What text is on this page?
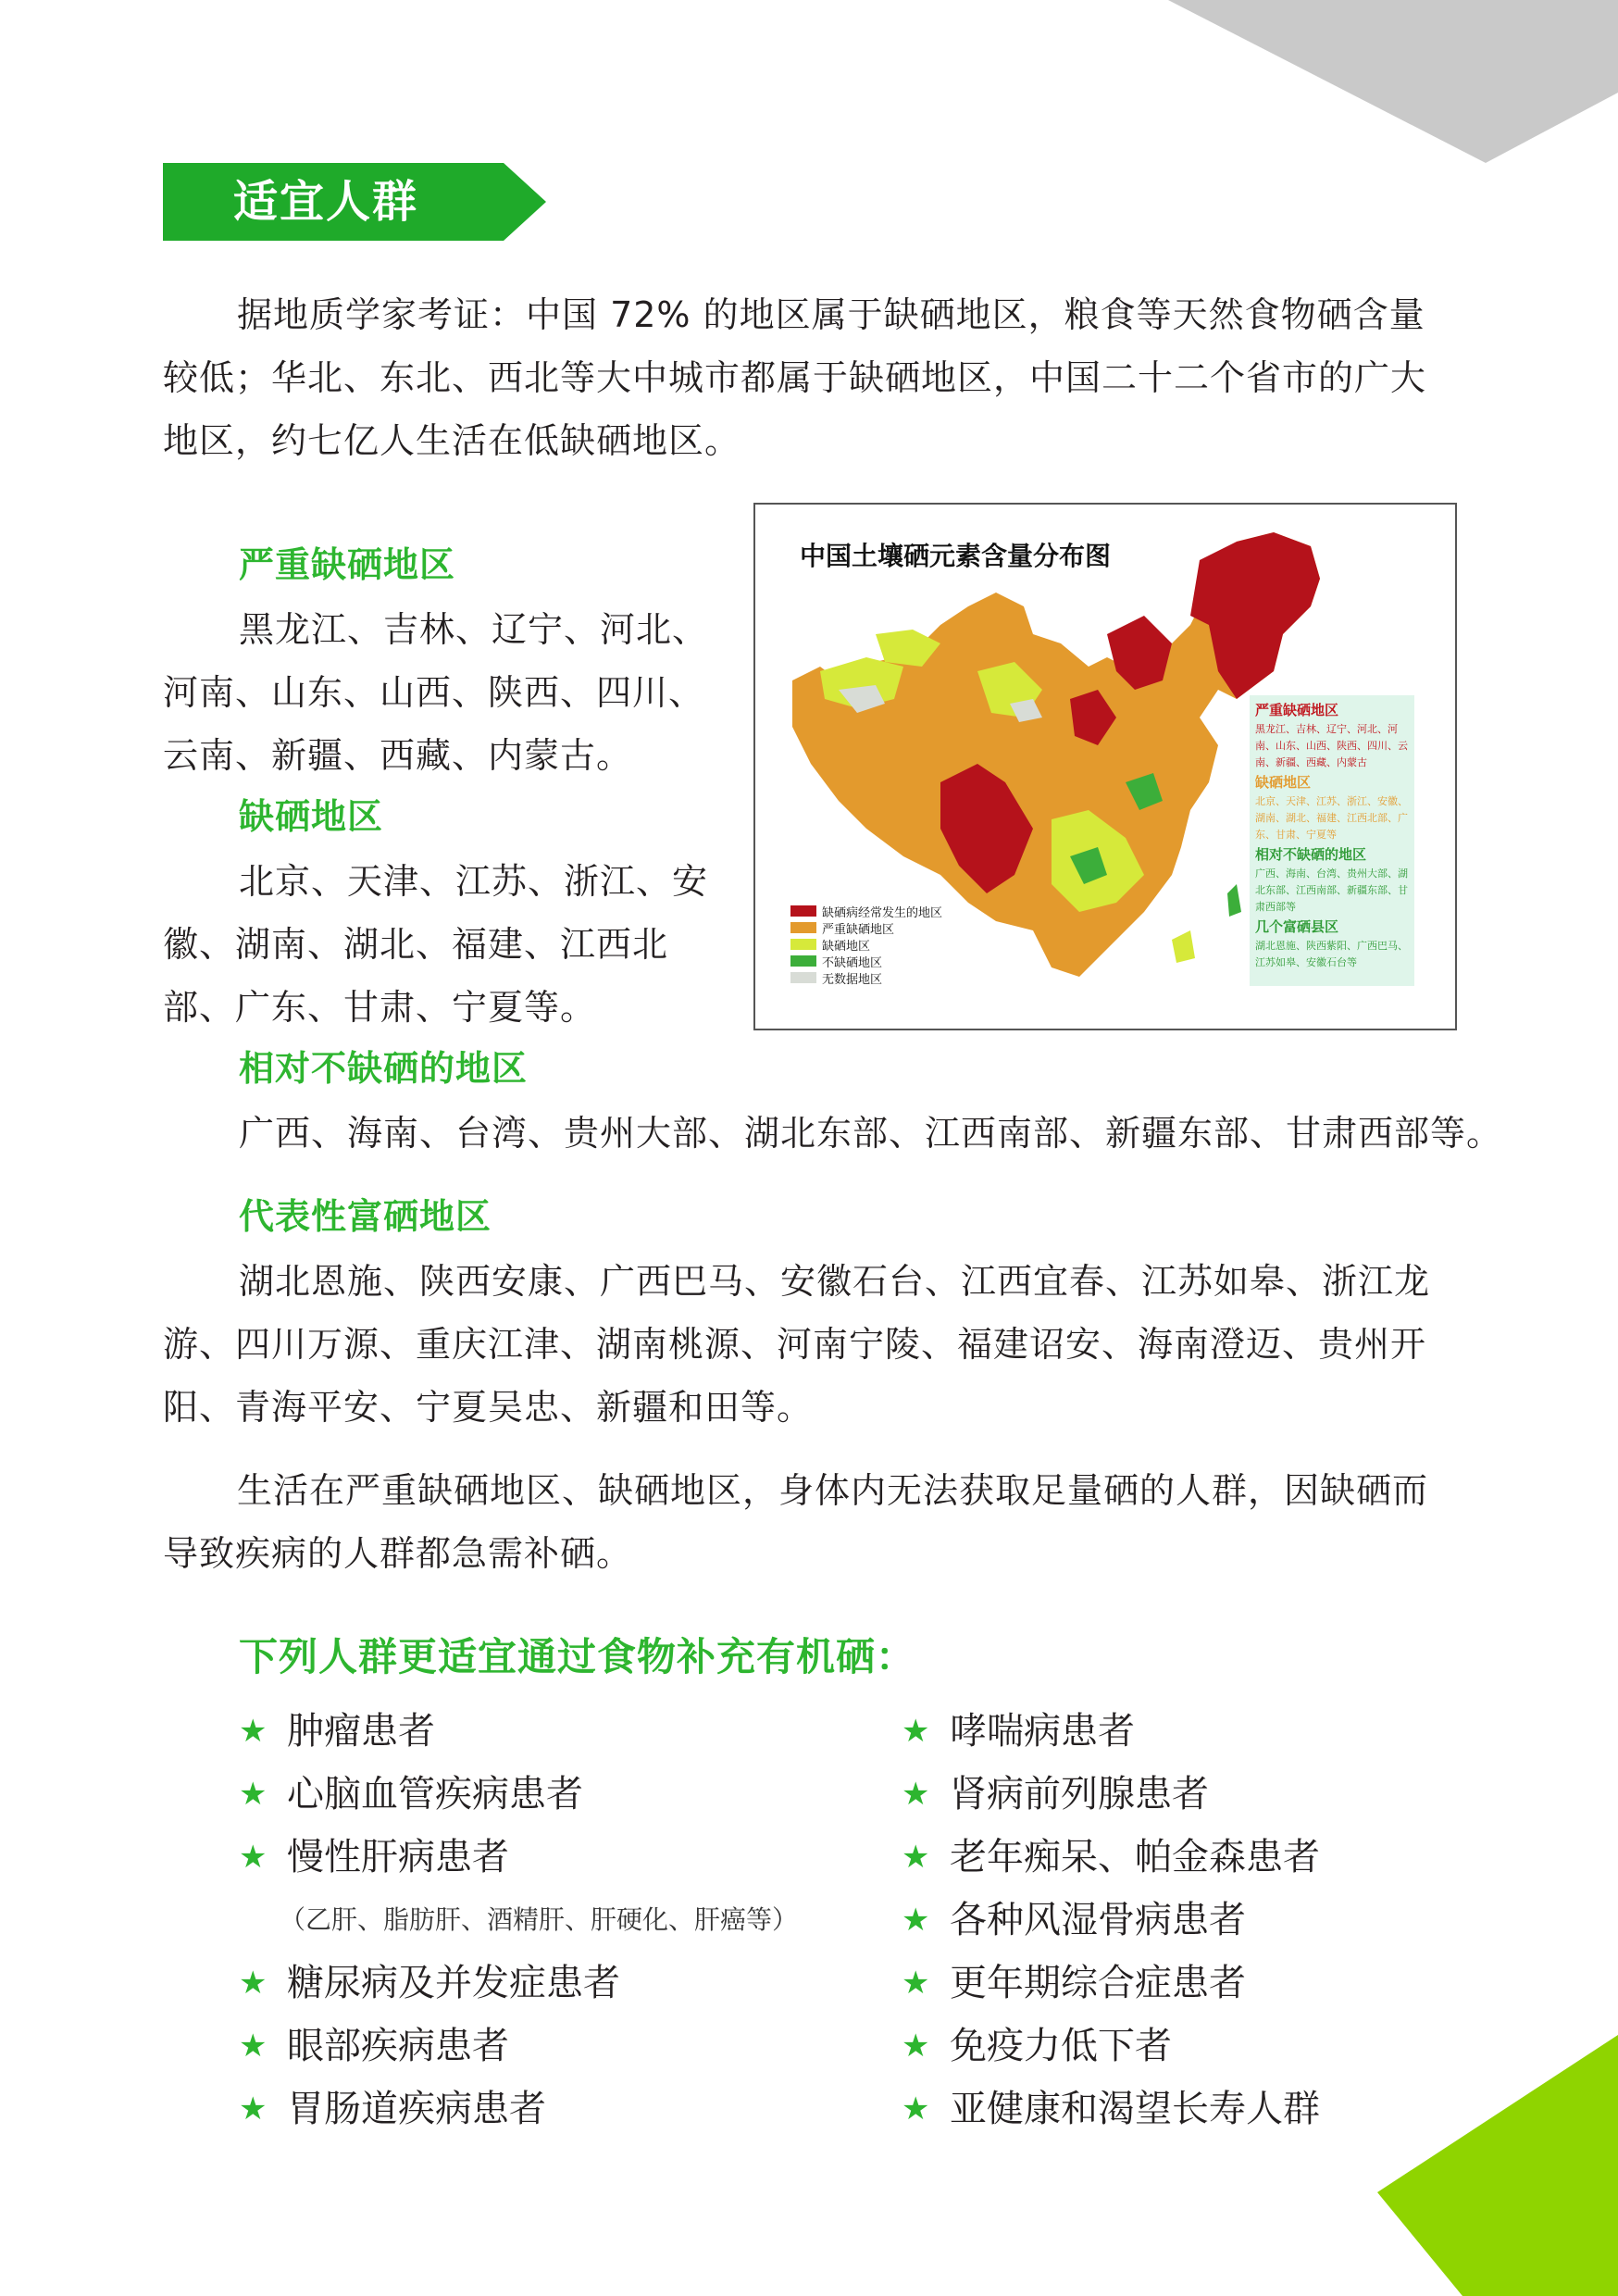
适宜人群
据地质学家考证：中国 72% 的地区属于缺硒地区，粮食等天然食物硒含量较低；华北、东北、西北等大中城市都属于缺硒地区，中国二十二个省市的广大地区，约七亿人生活在低缺硒地区。
严重缺硒地区
黑龙江、吉林、辽宁、河北、河南、山东、山西、陕西、四川、云南、新疆、西藏、内蒙古。
缺硒地区
北京、天津、江苏、浙江、安徽、湖南、湖北、福建、江西北部、广东、甘肃、宁夏等。
中国土壤硒元素含量分布图
缺硒病经常发生的地区
严重缺硒地区
缺硒地区
不缺硒地区
无数据地区
严重缺硒地区
黑龙江、吉林、辽宁、河北、河南、山东、山西、陕西、四川、云南、新疆、西藏、内蒙古
缺硒地区
北京、天津、江苏、浙江、安徽、湖南、湖北、福建、江西北部、广东、甘肃、宁夏等
相对不缺硒的地区
广西、海南、台湾、贵州大部、湖北东部、江西南部、新疆东部、甘肃西部等
几个富硒县区
湖北恩施、陕西紫阳、广西巴马、江苏如皋、安徽石台等
相对不缺硒的地区
广西、海南、台湾、贵州大部、湖北东部、江西南部、新疆东部、甘肃西部等。
代表性富硒地区
湖北恩施、陕西安康、广西巴马、安徽石台、江西宜春、江苏如皋、浙江龙游、四川万源、重庆江津、湖南桃源、河南宁陵、福建诏安、海南澄迈、贵州开阳、青海平安、宁夏吴忠、新疆和田等。
生活在严重缺硒地区、缺硒地区，身体内无法获取足量硒的人群，因缺硒而导致疾病的人群都急需补硒。
下列人群更适宜通过食物补充有机硒：
★ 肿瘤患者
★ 心脑血管疾病患者
★ 慢性肝病患者
（乙肝、脂肪肝、酒精肝、肝硬化、肝癌等）
★ 糖尿病及并发症患者
★ 眼部疾病患者
★ 胃肠道疾病患者
★ 哮喘病患者
★ 肾病前列腺患者
★ 老年痴呆、帕金森患者
★ 各种风湿骨病患者
★ 更年期综合症患者
★ 免疫力低下者
★ 亚健康和渴望长寿人群
